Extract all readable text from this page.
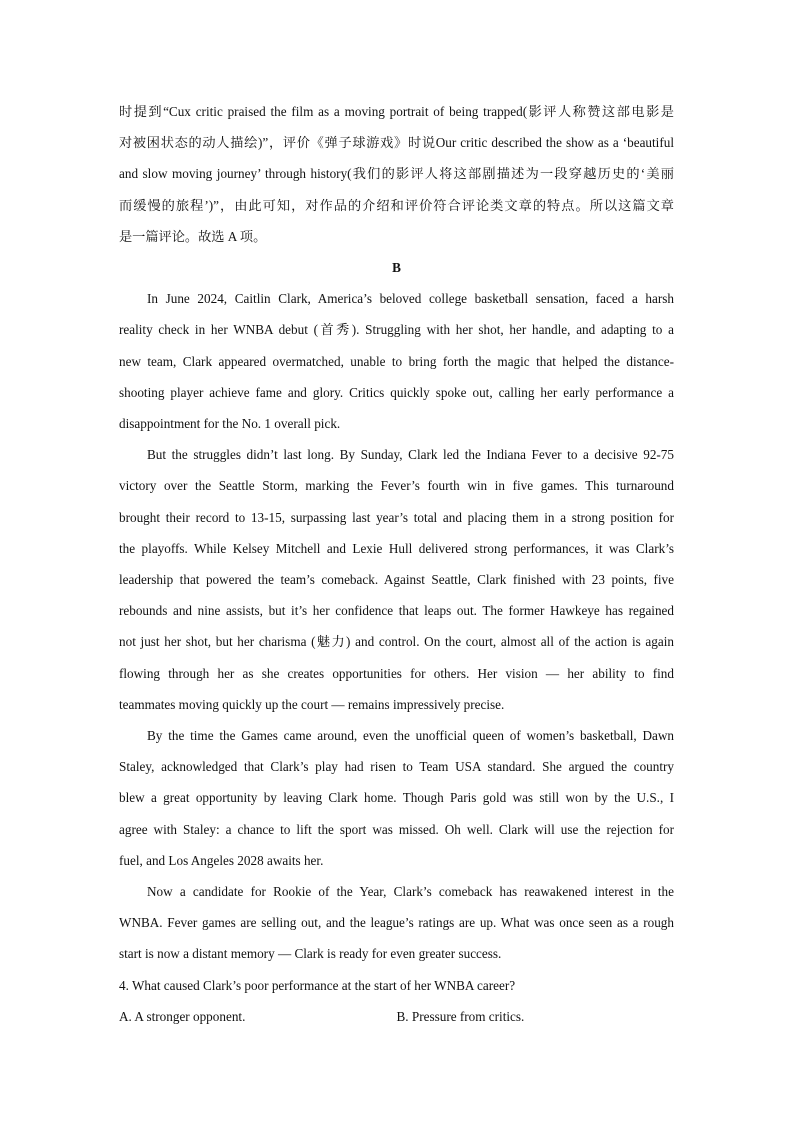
时提到“Cux critic praised the film as a moving portrait of being trapped(影评人称赞这部电影是
对被困状态的动人描绘)”，评价《弹子球游戏》时说Our critic described the show as a ‘beautiful
and slow moving journey’ through history(我们的影评人将这部剧描述为一段穿越历史的‘美丽
而缓慢的旅程’)”，由此可知，对作品的介绍和评价符合评论类文章的特点。所以这篇文章
是一篇评论。故选 A 项。
B
In June 2024, Caitlin Clark, America’s beloved college basketball sensation, faced a harsh
reality check in her WNBA debut (首秀). Struggling with her shot, her handle, and adapting to a
new team, Clark appeared overmatched, unable to bring forth the magic that helped the distance-
shooting player achieve fame and glory. Critics quickly spoke out, calling her early performance a
disappointment for the No. 1 overall pick.
But the struggles didn’t last long. By Sunday, Clark led the Indiana Fever to a decisive 92-75
victory over the Seattle Storm, marking the Fever’s fourth win in five games. This turnaround
brought their record to 13-15, surpassing last year’s total and placing them in a strong position for
the playoffs. While Kelsey Mitchell and Lexie Hull delivered strong performances, it was Clark’s
leadership that powered the team’s comeback. Against Seattle, Clark finished with 23 points, five
rebounds and nine assists, but it’s her confidence that leaps out. The former Hawkeye has regained
not just her shot, but her charisma (魅力) and control. On the court, almost all of the action is again
flowing through her as she creates opportunities for others. Her vision — her ability to find
teammates moving quickly up the court — remains impressively precise.
By the time the Games came around, even the unofficial queen of women’s basketball, Dawn
Staley, acknowledged that Clark’s play had risen to Team USA standard. She argued the country
blew a great opportunity by leaving Clark home. Though Paris gold was still won by the U.S., I
agree with Staley: a chance to lift the sport was missed. Oh well. Clark will use the rejection for
fuel, and Los Angeles 2028 awaits her.
Now a candidate for Rookie of the Year, Clark’s comeback has reawakened interest in the
WNBA. Fever games are selling out, and the league’s ratings are up. What was once seen as a rough
start is now a distant memory — Clark is ready for even greater success.
4. What caused Clark’s poor performance at the start of her WNBA career?
A. A stronger opponent.	B. Pressure from critics.
